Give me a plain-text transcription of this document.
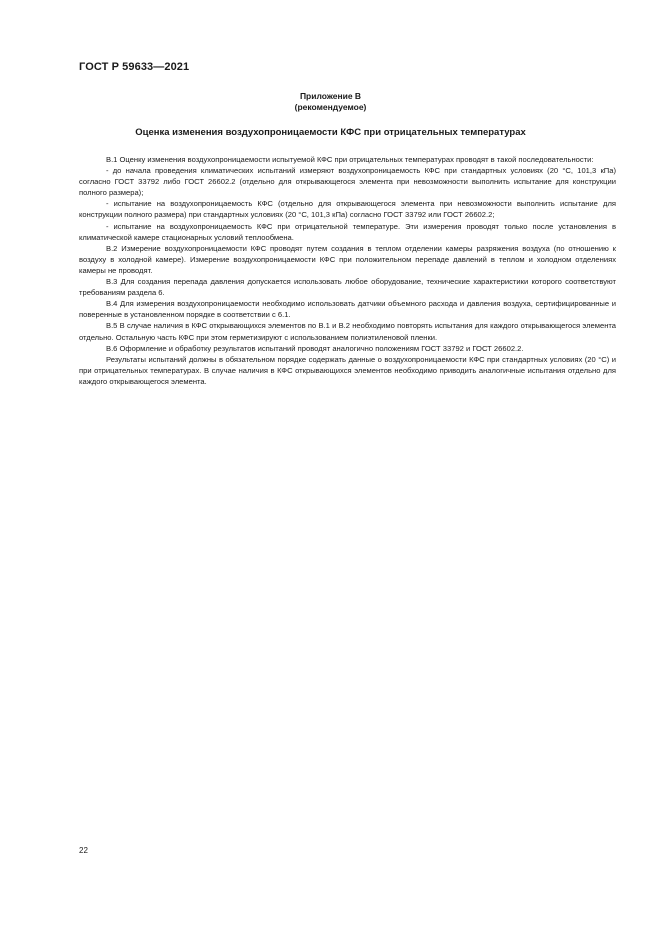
ГОСТ Р 59633—2021
Приложение В
(рекомендуемое)
Оценка изменения воздухопроницаемости КФС при отрицательных температурах

В.1 Оценку изменения воздухопроницаемости испытуемой КФС при отрицательных температурах проводят в такой последовательности:

- до начала проведения климатических испытаний измеряют воздухопроницаемость КФС при стандартных условиях (20 °C, 101,3 кПа) согласно ГОСТ 33792 либо ГОСТ 26602.2 (отдельно для открывающегося элемента при невозможности выполнить испытание для конструкции полного размера);

- испытание на воздухопроницаемость КФС (отдельно для открывающегося элемента при невозможности выполнить испытание для конструкции полного размера) при стандартных условиях (20 °C, 101,3 кПа) согласно ГОСТ 33792 или ГОСТ 26602.2;

- испытание на воздухопроницаемость КФС при отрицательной температуре. Эти измерения проводят только после установления в климатической камере стационарных условий теплообмена.

В.2 Измерение воздухопроницаемости КФС проводят путем создания в теплом отделении камеры разряжения воздуха (по отношению к воздуху в холодной камере). Измерение воздухопроницаемости КФС при положительном перепаде давлений в теплом и холодном отделениях камеры не проводят.

В.3 Для создания перепада давления допускается использовать любое оборудование, технические характеристики которого соответствуют требованиям раздела 6.

В.4 Для измерения воздухопроницаемости необходимо использовать датчики объемного расхода и давления воздуха, сертифицированные и поверенные в установленном порядке в соответствии с 6.1.

В.5 В случае наличия в КФС открывающихся элементов по В.1 и В.2 необходимо повторять испытания для каждого открывающегося элемента отдельно. Остальную часть КФС при этом герметизируют с использованием полиэтиленовой пленки.

В.6 Оформление и обработку результатов испытаний проводят аналогично положениям ГОСТ 33792 и ГОСТ 26602.2.

Результаты испытаний должны в обязательном порядке содержать данные о воздухопроницаемости КФС при стандартных условиях (20 °C) и при отрицательных температурах. В случае наличия в КФС открывающихся элементов необходимо приводить аналогичные испытания отдельно для каждого открывающегося элемента.

22
